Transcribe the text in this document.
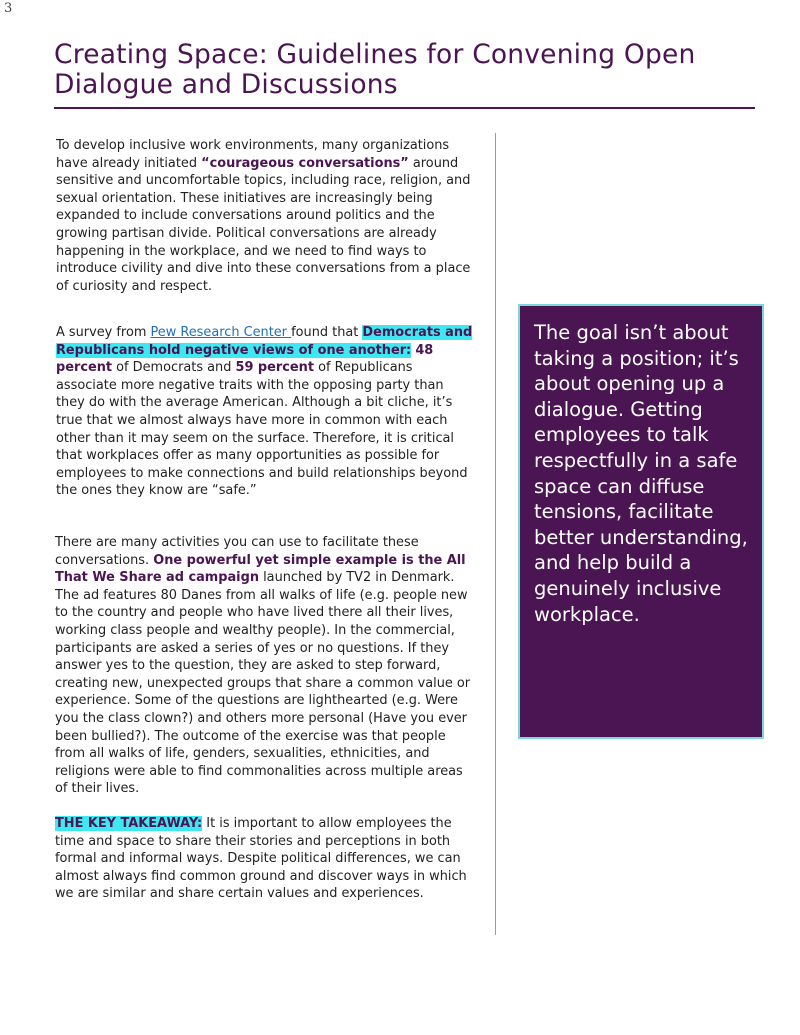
3
Creating Space: Guidelines for Convening Open Dialogue and Discussions

To develop inclusive work environments, many organizations have already initiated “courageous conversations” around sensitive and uncomfortable topics, including race, religion, and sexual orientation. These initiatives are increasingly being expanded to include conversations around politics and the growing partisan divide. Political conversations are already happening in the workplace, and we need to find ways to introduce civility and dive into these conversations from a place of curiosity and respect.

A survey from Pew Research Center found that Democrats and Republicans hold negative views of one another: 48 percent of Democrats and 59 percent of Republicans associate more negative traits with the opposing party than they do with the average American. Although a bit cliche, it’s true that we almost always have more in common with each other than it may seem on the surface. Therefore, it is critical that workplaces offer as many opportunities as possible for employees to make connections and build relationships beyond the ones they know are “safe.”

There are many activities you can use to facilitate these conversations. One powerful yet simple example is the All That We Share ad campaign launched by TV2 in Denmark. The ad features 80 Danes from all walks of life (e.g. people new to the country and people who have lived there all their lives, working class people and wealthy people). In the commercial, participants are asked a series of yes or no questions. If they answer yes to the question, they are asked to step forward, creating new, unexpected groups that share a common value or experience. Some of the questions are lighthearted (e.g. Were you the class clown?) and others more personal (Have you ever been bullied?). The outcome of the exercise was that people from all walks of life, genders, sexualities, ethnicities, and religions were able to find commonalities across multiple areas of their lives.

THE KEY TAKEAWAY: It is important to allow employees the time and space to share their stories and perceptions in both formal and informal ways. Despite political differences, we can almost always find common ground and discover ways in which we are similar and share certain values and experiences.

The goal isn’t about taking a position; it’s about opening up a dialogue. Getting employees to talk respectfully in a safe space can diffuse tensions, facilitate better understanding, and help build a genuinely inclusive workplace.
